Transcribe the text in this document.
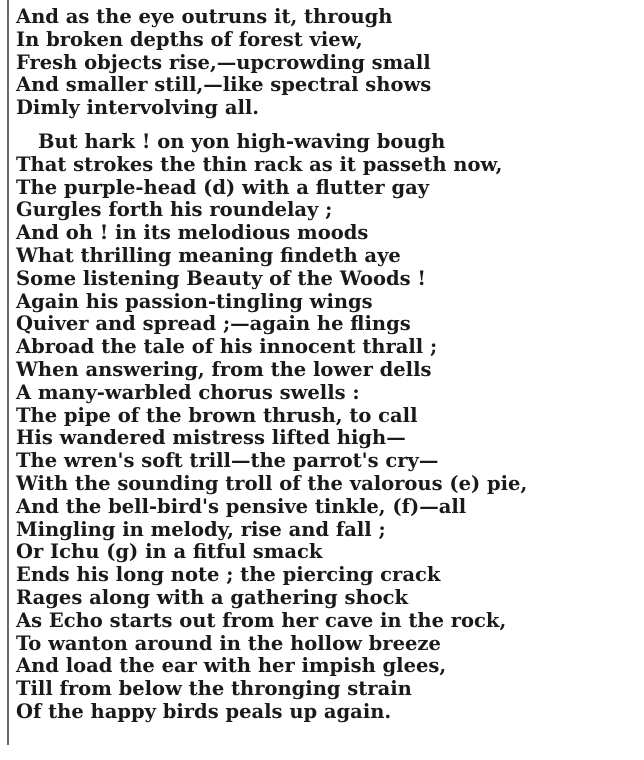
And as the eye outruns it, through
In broken depths of forest view,
Fresh objects rise,—upcrowding small
And smaller still,—like spectral shows
Dimly intervolving all.
But hark ! on yon high-waving bough
That strokes the thin rack as it passeth now,
The purple-head (d) with a flutter gay
Gurgles forth his roundelay ;
And oh ! in its melodious moods
What thrilling meaning findeth aye
Some listening Beauty of the Woods !
Again his passion-tingling wings
Quiver and spread ;—again he flings
Abroad the tale of his innocent thrall ;
When answering, from the lower dells
A many-warbled chorus swells :
The pipe of the brown thrush, to call
His wandered mistress lifted high—
The wren's soft trill—the parrot's cry—
With the sounding troll of the valorous (e) pie,
And the bell-bird's pensive tinkle, (f)—all
Mingling in melody, rise and fall ;
Or Ichu (g) in a fitful smack
Ends his long note ; the piercing crack
Rages along with a gathering shock
As Echo starts out from her cave in the rock,
To wanton around in the hollow breeze
And load the ear with her impish glees,
Till from below the thronging strain
Of the happy birds peals up again.
